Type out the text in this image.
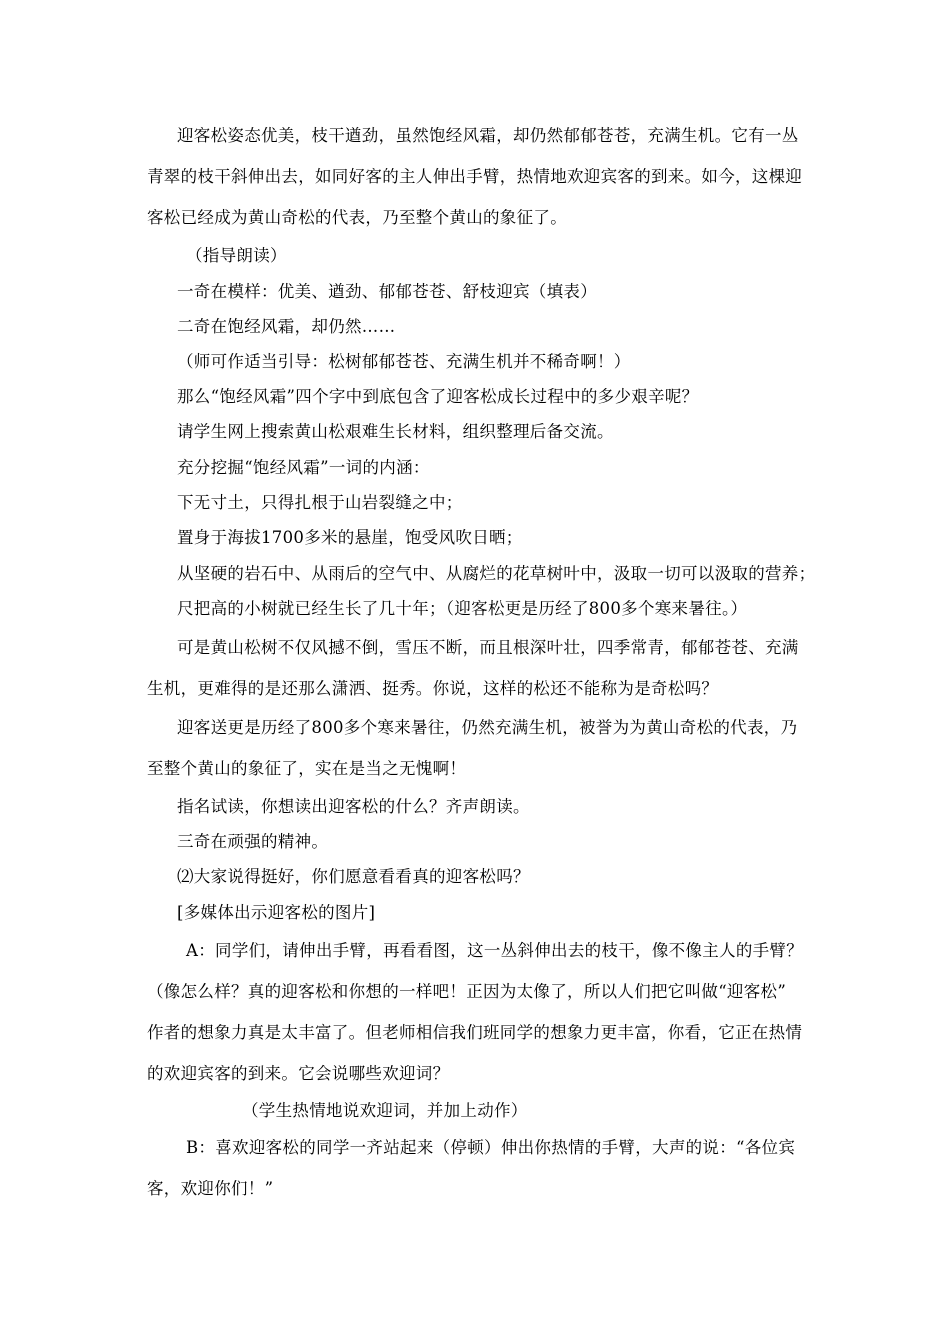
迎客松姿态优美，枝干遒劲，虽然饱经风霜，却仍然郁郁苍苍，充满生机。它有一丛
青翠的枝干斜伸出去，如同好客的主人伸出手臂，热情地欢迎宾客的到来。如今，这棵迎
客松已经成为黄山奇松的代表，乃至整个黄山的象征了。
（指导朗读）
一奇在模样：优美、遒劲、郁郁苍苍、舒枝迎宾（填表）
二奇在饱经风霜，却仍然……
（师可作适当引导：松树郁郁苍苍、充满生机并不稀奇啊！）
那么“饱经风霜”四个字中到底包含了迎客松成长过程中的多少艰辛呢？
请学生网上搜索黄山松艰难生长材料，组织整理后备交流。
充分挖掘“饱经风霜”一词的内涵：
下无寸土，只得扎根于山岩裂缝之中；
置身于海拔1700多米的悬崖，饱受风吹日晒；
从坚硬的岩石中、从雨后的空气中、从腐烂的花草树叶中，汲取一切可以汲取的营养；
尺把高的小树就已经生长了几十年；（迎客松更是历经了800多个寒来暑往。）
可是黄山松树不仅风撼不倒，雪压不断，而且根深叶壮，四季常青，郁郁苍苍、充满
生机，更难得的是还那么潇洒、挺秀。你说，这样的松还不能称为是奇松吗？
迎客送更是历经了800多个寒来暑往，仍然充满生机，被誉为为黄山奇松的代表，乃
至整个黄山的象征了，实在是当之无愧啊！
指名试读，你想读出迎客松的什么？齐声朗读。
三奇在顽强的精神。
⑵大家说得挺好，你们愿意看看真的迎客松吗？
[多媒体出示迎客松的图片]
A：同学们，请伸出手臂，再看看图，这一丛斜伸出去的枝干，像不像主人的手臂？
（像怎么样？真的迎客松和你想的一样吧！正因为太像了，所以人们把它叫做“迎客松”
作者的想象力真是太丰富了。但老师相信我们班同学的想象力更丰富，你看，它正在热情
的欢迎宾客的到来。它会说哪些欢迎词？
（学生热情地说欢迎词，并加上动作）
B：喜欢迎客松的同学一齐站起来（停顿）伸出你热情的手臂，大声的说：“各位宾
客，欢迎你们！”
